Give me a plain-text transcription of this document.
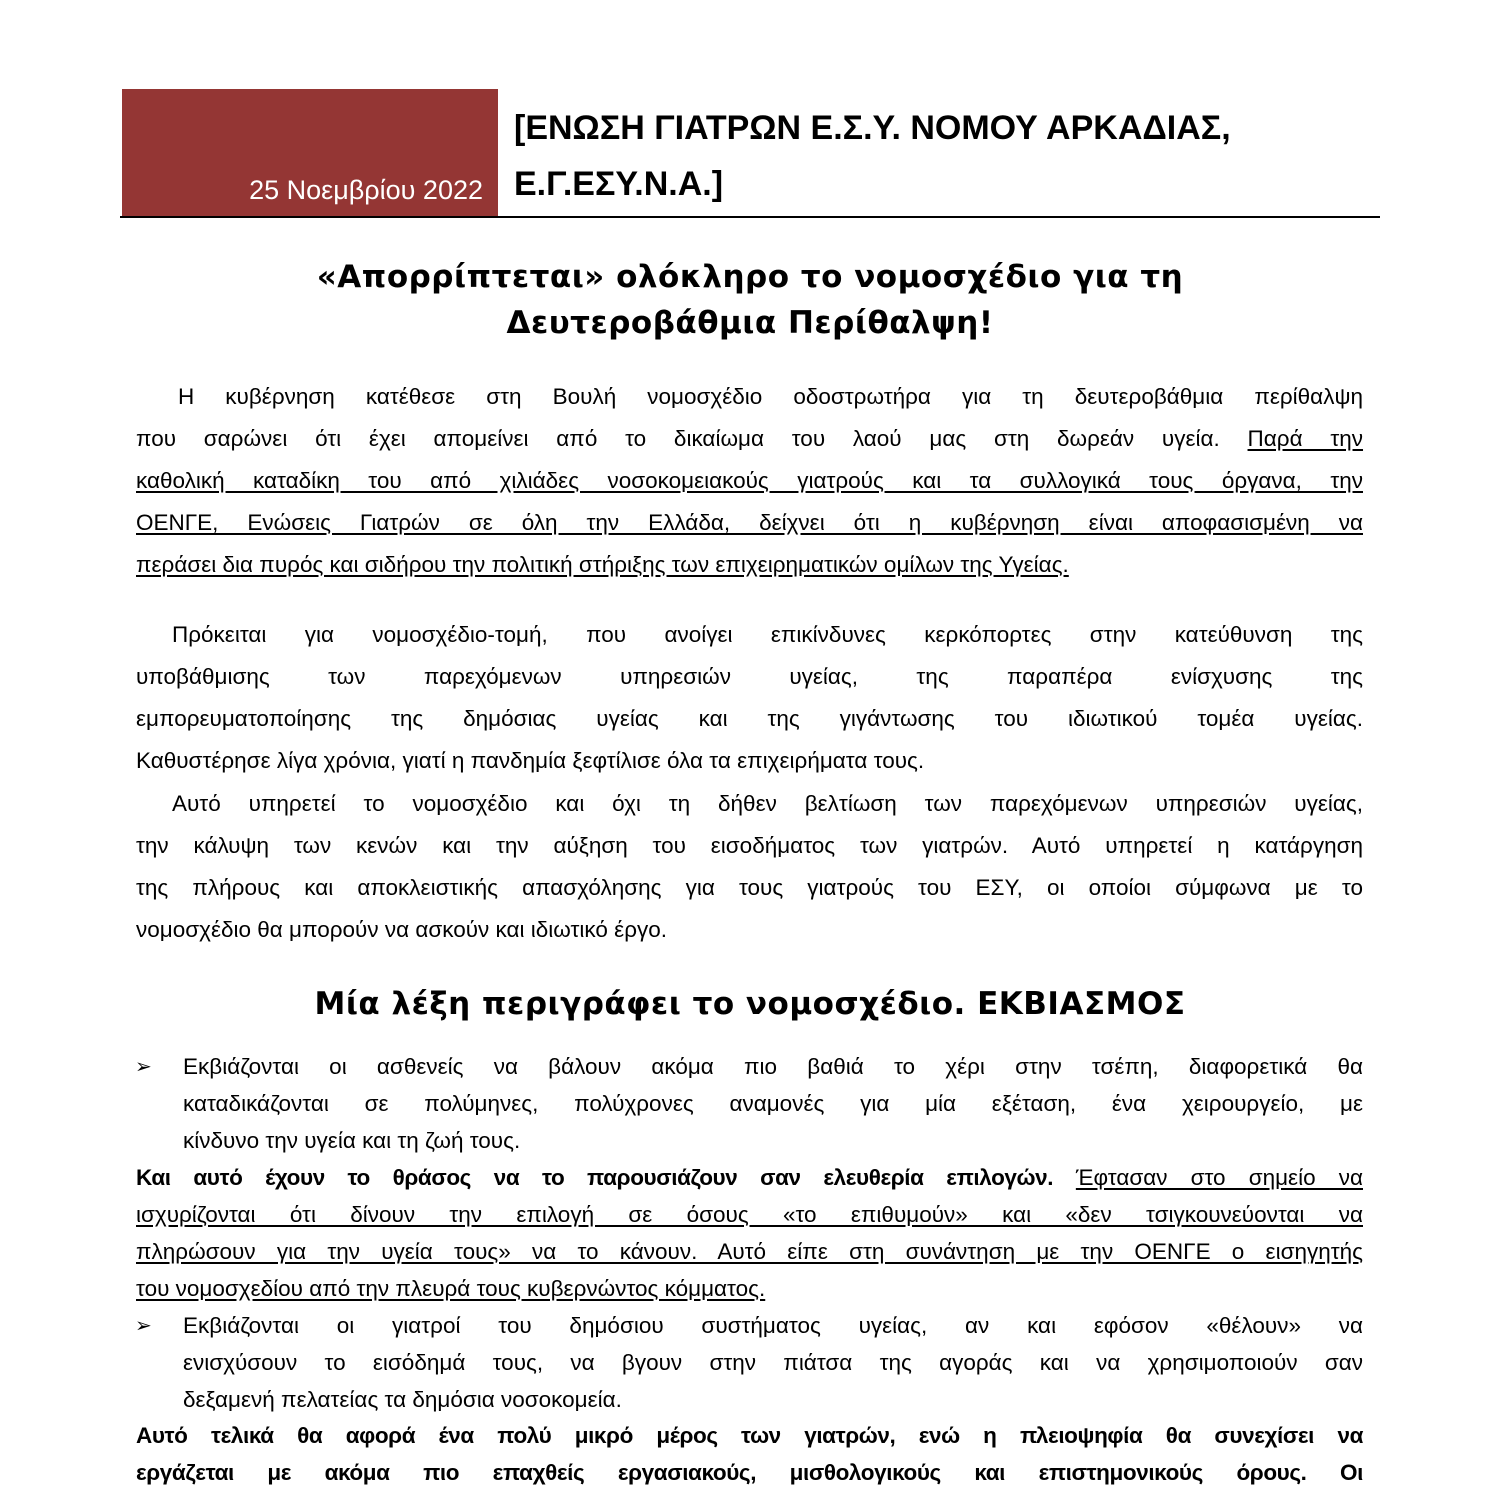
25 Νοεμβρίου 2022
[ΕΝΩΣΗ ΓΙΑΤΡΩΝ Ε.Σ.Υ. ΝΟΜΟΥ ΑΡΚΑΔΙΑΣ,
Ε.Γ.ΕΣΥ.Ν.Α.]
«Απορρίπτεται» ολόκληρο το νομοσχέδιο για τη
Δευτεροβάθμια Περίθαλψη!
Η κυβέρνηση κατέθεσε στη Βουλή νομοσχέδιο οδοστρωτήρα για τη δευτεροβάθμια περίθαλψη
που σαρώνει ότι έχει απομείνει από το δικαίωμα του λαού μας στη δωρεάν υγεία. Παρά την
καθολική καταδίκη του από χιλιάδες νοσοκομειακούς γιατρούς και τα συλλογικά τους όργανα, την
ΟΕΝΓΕ, Ενώσεις Γιατρών σε όλη την Ελλάδα, δείχνει ότι η κυβέρνηση είναι αποφασισμένη να
περάσει δια πυρός και σιδήρου την πολιτική στήριξης των επιχειρηματικών ομίλων της Υγείας.
Πρόκειται για νομοσχέδιο-τομή, που ανοίγει επικίνδυνες κερκόπορτες στην κατεύθυνση της
υποβάθμισης των παρεχόμενων υπηρεσιών υγείας, της παραπέρα ενίσχυσης της
εμπορευματοποίησης της δημόσιας υγείας και της γιγάντωσης του ιδιωτικού τομέα υγείας.
Καθυστέρησε λίγα χρόνια, γιατί η πανδημία ξεφτίλισε όλα τα επιχειρήματα τους.
Αυτό υπηρετεί το νομοσχέδιο και όχι τη δήθεν βελτίωση των παρεχόμενων υπηρεσιών υγείας,
την κάλυψη των κενών και την αύξηση του εισοδήματος των γιατρών. Αυτό υπηρετεί η κατάργηση
της πλήρους και αποκλειστικής απασχόλησης για τους γιατρούς του ΕΣΥ, οι οποίοι σύμφωνα με το
νομοσχέδιο θα μπορούν να ασκούν και ιδιωτικό έργο.
Μία λέξη περιγράφει το νομοσχέδιο. ΕΚΒΙΑΣΜΟΣ
➢ Εκβιάζονται οι ασθενείς να βάλουν ακόμα πιο βαθιά το χέρι στην τσέπη, διαφορετικά θα
καταδικάζονται σε πολύμηνες, πολύχρονες αναμονές για μία εξέταση, ένα χειρουργείο, με
κίνδυνο την υγεία και τη ζωή τους.
Και αυτό έχουν το θράσος να το παρουσιάζουν σαν ελευθερία επιλογών. Έφτασαν στο σημείο να
ισχυρίζονται ότι δίνουν την επιλογή σε όσους «το επιθυμούν» και «δεν τσιγκουνεύονται να
πληρώσουν για την υγεία τους» να το κάνουν. Αυτό είπε στη συνάντηση με την ΟΕΝΓΕ ο εισηγητής
του νομοσχεδίου από την πλευρά τους κυβερνώντος κόμματος.
➢ Εκβιάζονται οι γιατροί του δημόσιου συστήματος υγείας, αν και εφόσον «θέλουν» να
ενισχύσουν το εισόδημά τους, να βγουν στην πιάτσα της αγοράς και να χρησιμοποιούν σαν
δεξαμενή πελατείας τα δημόσια νοσοκομεία.
Αυτό τελικά θα αφορά ένα πολύ μικρό μέρος των γιατρών, ενώ η πλειοψηφία θα συνεχίσει να
εργάζεται με ακόμα πιο επαχθείς εργασιακούς, μισθολογικούς και επιστημονικούς όρους. Οι
